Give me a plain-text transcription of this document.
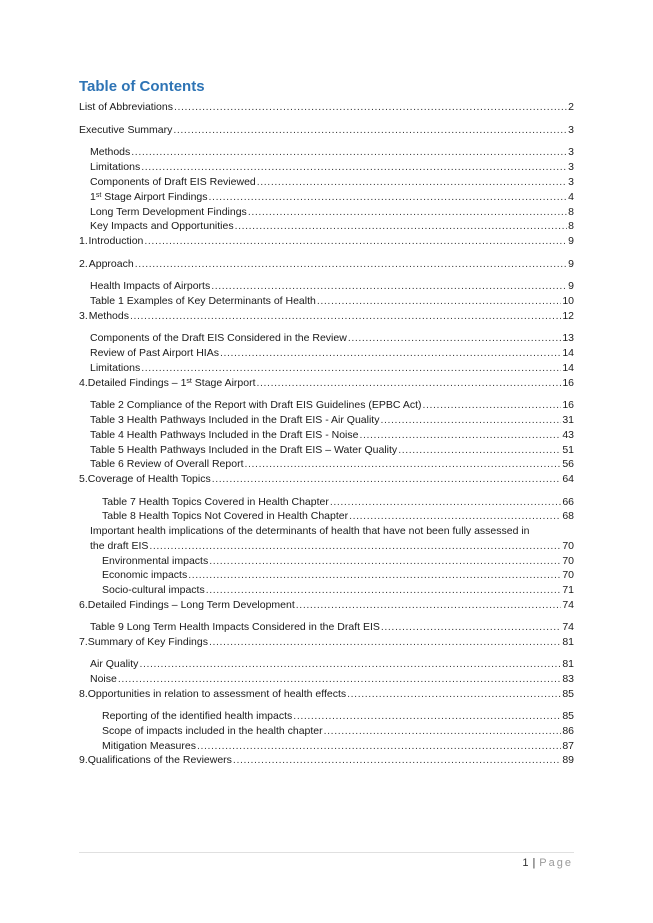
Table of Contents
List of Abbreviations .....	2
Executive Summary .....	3
Methods .....	3
Limitations .....	3
Components of Draft EIS Reviewed .....	3
1st Stage Airport Findings .....	4
Long Term Development Findings .....	8
Key Impacts and Opportunities .....	8
1. Introduction .....	9
2. Approach .....	9
Health Impacts of Airports .....	9
Table 1 Examples of Key Determinants of Health .....	10
3. Methods .....	12
Components of the Draft EIS Considered in the Review .....	13
Review of Past Airport HIAs .....	14
Limitations .....	14
4. Detailed Findings – 1st Stage Airport .....	16
Table 2 Compliance of the Report with Draft EIS Guidelines (EPBC Act) .....	16
Table 3 Health Pathways Included in the Draft EIS - Air Quality .....	31
Table 4 Health Pathways Included in the Draft EIS - Noise .....	43
Table 5 Health Pathways Included in the Draft EIS – Water Quality .....	51
Table 6 Review of Overall Report .....	56
5. Coverage of Health Topics .....	64
Table 7 Health Topics Covered in Health Chapter .....	66
Table 8 Health Topics Not Covered in Health Chapter .....	68
Important health implications of the determinants of health that have not been fully assessed in
the draft EIS .....	70
Environmental impacts .....	70
Economic impacts .....	70
Socio-cultural impacts .....	71
6. Detailed Findings – Long Term Development .....	74
Table 9 Long Term Health Impacts Considered in the Draft EIS .....	74
7. Summary of Key Findings .....	81
Air Quality .....	81
Noise .....	83
8. Opportunities in relation to assessment of health effects .....	85
Reporting of the identified health impacts .....	85
Scope of impacts included in the health chapter .....	86
Mitigation Measures .....	87
9. Qualifications of the Reviewers .....	89
1 | Page
